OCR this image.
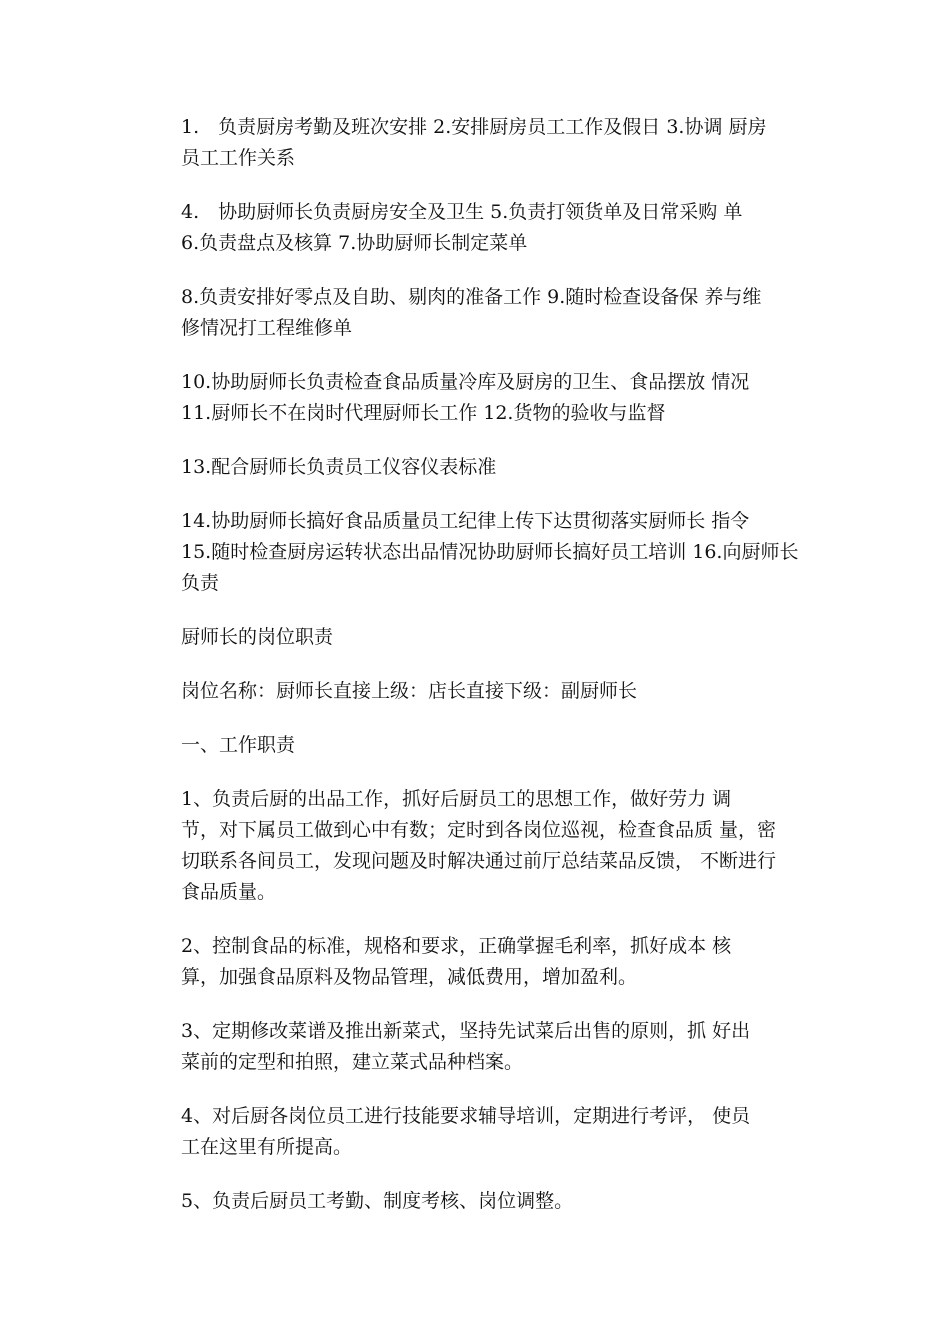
1.　负责厨房考勤及班次安排 2.安排厨房员工工作及假日 3.协调 厨房
员工工作关系

4.　协助厨师长负责厨房安全及卫生 5.负责打领货单及日常采购 单
6.负责盘点及核算 7.协助厨师长制定菜单

8.负责安排好零点及自助、剔肉的准备工作 9.随时检查设备保 养与维
修情况打工程维修单

10.协助厨师长负责检查食品质量冷库及厨房的卫生、食品摆放 情况
11.厨师长不在岗时代理厨师长工作 12.货物的验收与监督

13.配合厨师长负责员工仪容仪表标准

14.协助厨师长搞好食品质量员工纪律上传下达贯彻落实厨师长 指令
15.随时检查厨房运转状态出品情况协助厨师长搞好员工培训 16.向厨师长
负责

厨师长的岗位职责

岗位名称：厨师长直接上级：店长直接下级：副厨师长

一、工作职责

1、负责后厨的出品工作，抓好后厨员工的思想工作，做好劳力 调
节，对下属员工做到心中有数；定时到各岗位巡视，检查食品质 量，密
切联系各间员工，发现问题及时解决通过前厅总结菜品反馈， 不断进行
食品质量。

2、控制食品的标准，规格和要求，正确掌握毛利率，抓好成本 核
算，加强食品原料及物品管理，减低费用，增加盈利。

3、定期修改菜谱及推出新菜式，坚持先试菜后出售的原则，抓 好出
菜前的定型和拍照，建立菜式品种档案。

4、对后厨各岗位员工进行技能要求辅导培训，定期进行考评， 使员
工在这里有所提高。

5、负责后厨员工考勤、制度考核、岗位调整。
